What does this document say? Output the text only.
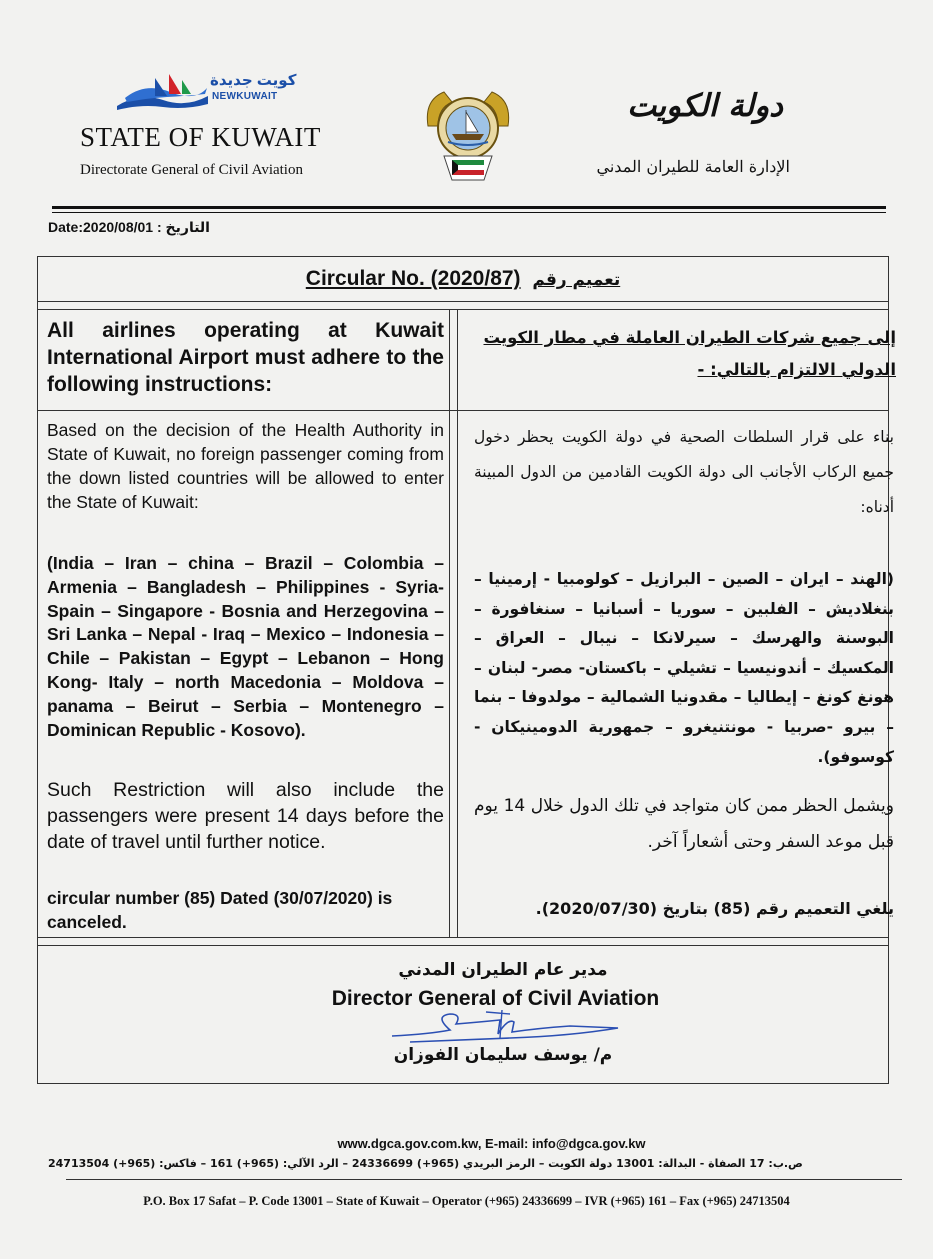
كويت جديدة
NEWKUWAIT
STATE OF KUWAIT
Directorate General of Civil Aviation
دولة الكويت
الإدارة العامة للطيران المدني
Date:2020/08/01 : التاريخ
Circular No. (2020/87) تعميم رقم
All airlines operating at Kuwait International Airport must adhere to the following instructions:
Based on the decision of the Health Authority in State of Kuwait, no foreign passenger coming from the down listed countries will be allowed to enter the State of Kuwait:
(India – Iran – china – Brazil – Colombia – Armenia – Bangladesh – Philippines - Syria-Spain – Singapore - Bosnia and Herzegovina – Sri Lanka – Nepal - Iraq – Mexico – Indonesia – Chile – Pakistan – Egypt – Lebanon – Hong Kong- Italy – north Macedonia – Moldova – panama – Beirut – Serbia – Montenegro – Dominican Republic - Kosovo).
Such Restriction will also include the passengers were present 14 days before the date of travel until further notice.
circular number (85) Dated (30/07/2020) is canceled.
إلى جميع شركات الطيران العاملة في مطار الكويت الدولي الالتزام بالتالي: -
بناء على قرار السلطات الصحية في دولة الكويت يحظر دخول جميع الركاب الأجانب الى دولة الكويت القادمين من الدول المبينة أدناه:
(الهند – ايران – الصين – البرازيل – كولومبيا - إرمينيا – بنغلاديش – الفلبين – سوريا – أسبانيا – سنغافورة – البوسنة والهرسك – سيرلانكا – نيبال – العراق – المكسيك – أندونيسيا – تشيلي – باكستان- مصر- لبنان – هونغ كونغ – إيطاليا – مقدونيا الشمالية – مولدوفا – بنما – بيرو -صربيا - مونتنيغرو – جمهورية الدومينيكان - كوسوفو).
ويشمل الحظر ممن كان متواجد في تلك الدول خلال 14 يوم قبل موعد السفر وحتى أشعاراً آخر.
يلغي التعميم رقم (85) بتاريخ (2020/07/30).
مدير عام الطيران المدني
Director General of Civil Aviation
م/ يوسف سليمان الفوزان
www.dgca.gov.com.kw, E-mail: info@dgca.gov.kw
ص.ب: 17 الصفاة - البدالة: 13001 دولة الكويت – الرمز البريدي (965+) 24336699 – الرد الآلي: (965+) 161 – فاكس: (965+) 24713504
P.O. Box 17 Safat – P. Code 13001 – State of Kuwait – Operator (+965) 24336699 – IVR (+965) 161 – Fax (+965) 24713504
